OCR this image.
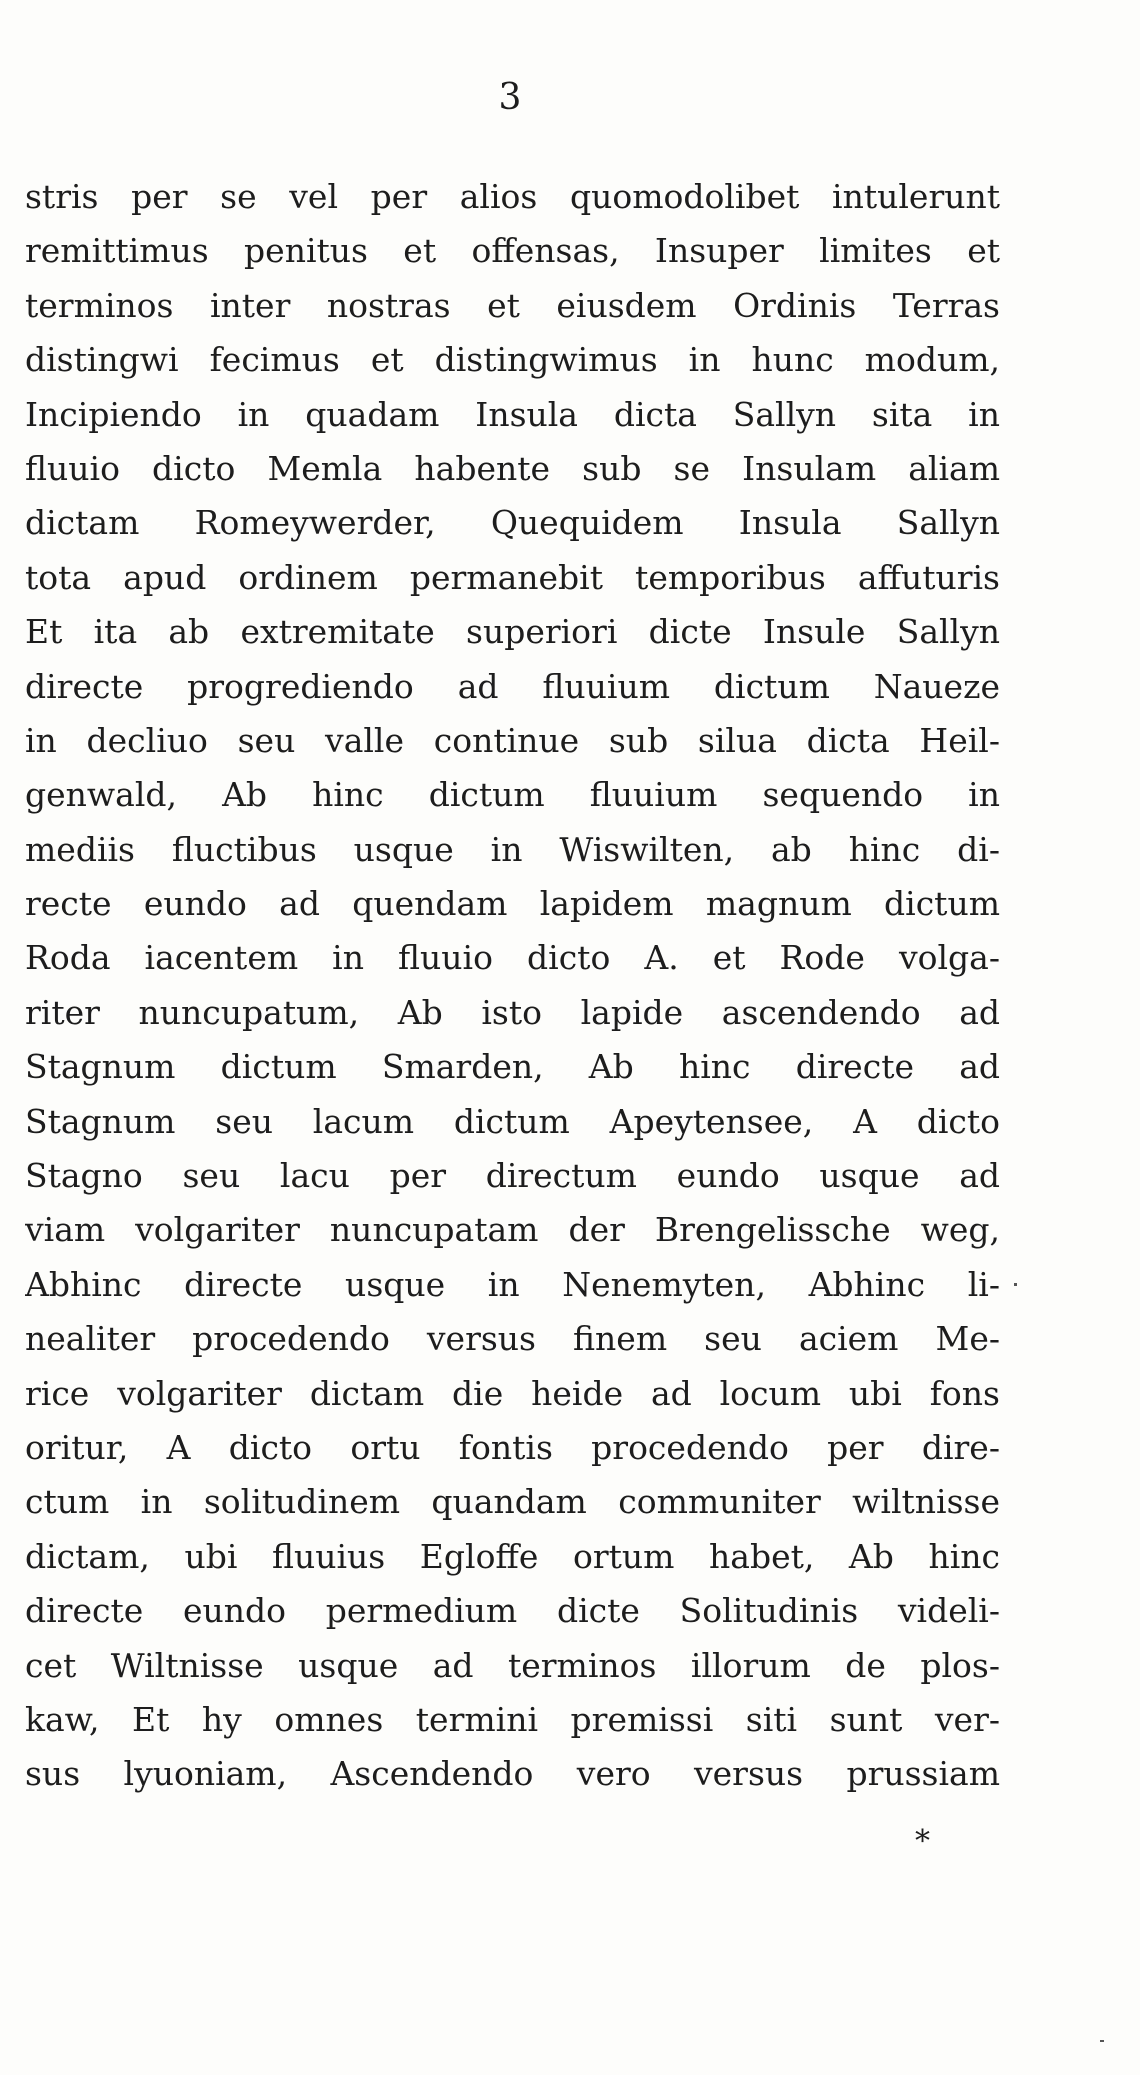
3
stris per se vel per alios quomodolibet intulerunt
remittimus penitus et offensas, Insuper limites et
terminos inter nostras et eiusdem Ordinis Terras
distingwi fecimus et distingwimus in hunc modum,
Incipiendo in quadam Insula dicta Sallyn sita in
fluuio dicto Memla habente sub se Insulam aliam
dictam Romeywerder, Quequidem Insula Sallyn
tota apud ordinem permanebit temporibus affuturis
Et ita ab extremitate superiori dicte Insule Sallyn
directe progrediendo ad fluuium dictum Naueze
in decliuo seu valle continue sub silua dicta Heil-
genwald, Ab hinc dictum fluuium sequendo in
mediis fluctibus usque in Wiswilten, ab hinc di-
recte eundo ad quendam lapidem magnum dictum
Roda iacentem in fluuio dicto A. et Rode volga-
riter nuncupatum, Ab isto lapide ascendendo ad
Stagnum dictum Smarden, Ab hinc directe ad
Stagnum seu lacum dictum Apeytensee, A dicto
Stagno seu lacu per directum eundo usque ad
viam volgariter nuncupatam der Brengelissche weg,
Abhinc directe usque in Nenemyten, Abhinc li-
nealiter procedendo versus finem seu aciem Me-
rice volgariter dictam die heide ad locum ubi fons
oritur, A dicto ortu fontis procedendo per dire-
ctum in solitudinem quandam communiter wiltnisse
dictam, ubi fluuius Egloffe ortum habet, Ab hinc
directe eundo permedium dicte Solitudinis videli-
cet Wiltnisse usque ad terminos illorum de plos-
kaw, Et hy omnes termini premissi siti sunt ver-
sus lyuoniam, Ascendendo vero versus prussiam
*
